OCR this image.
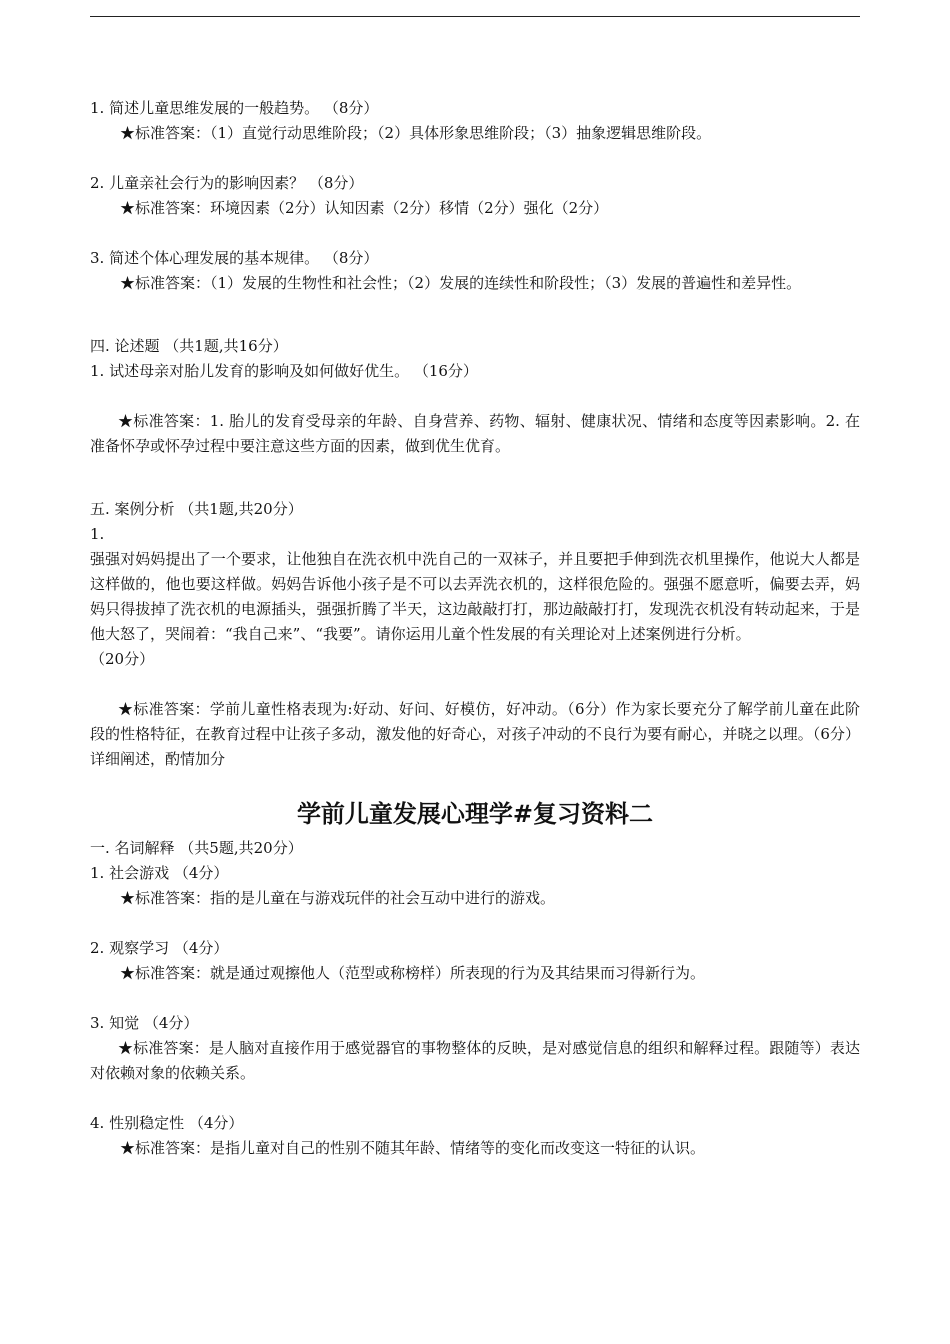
1. 简述儿童思维发展的一般趋势。 （8分）
★标准答案：（1）直觉行动思维阶段；（2）具体形象思维阶段；（3）抽象逻辑思维阶段。
2. 儿童亲社会行为的影响因素？ （8分）
★标准答案：环境因素（2分）认知因素（2分）移情（2分）强化（2分）
3. 简述个体心理发展的基本规律。 （8分）
★标准答案：（1）发展的生物性和社会性；（2）发展的连续性和阶段性；（3）发展的普遍性和差异性。
四. 论述题 （共1题,共16分）
1. 试述母亲对胎儿发育的影响及如何做好优生。 （16分）
★标准答案：1. 胎儿的发育受母亲的年龄、自身营养、药物、辐射、健康状况、情绪和态度等因素影响。2. 在准备怀孕或怀孕过程中要注意这些方面的因素，做到优生优育。
五. 案例分析 （共1题,共20分）
1.
强强对妈妈提出了一个要求，让他独自在洗衣机中洗自己的一双袜子，并且要把手伸到洗衣机里操作，他说大人都是这样做的，他也要这样做。妈妈告诉他小孩子是不可以去弄洗衣机的，这样很危险的。强强不愿意听，偏要去弄，妈妈只得拔掉了洗衣机的电源插头，强强折腾了半天，这边敲敲打打，那边敲敲打打，发现洗衣机没有转动起来，于是他大怒了，哭闹着：“我自己来”、“我要”。请你运用儿童个性发展的有关理论对上述案例进行分析。
（20分）
★标准答案：学前儿童性格表现为:好动、好问、好模仿，好冲动。（6分）作为家长要充分了解学前儿童在此阶段的性格特征，在教育过程中让孩子多动，激发他的好奇心，对孩子冲动的不良行为要有耐心，并晓之以理。（6分）详细阐述，酌情加分
学前儿童发展心理学#复习资料二
一. 名词解释 （共5题,共20分）
1. 社会游戏 （4分）
★标准答案：指的是儿童在与游戏玩伴的社会互动中进行的游戏。
2. 观察学习 （4分）
★标准答案：就是通过观擦他人（范型或称榜样）所表现的行为及其结果而习得新行为。
3. 知觉 （4分）
★标准答案：是人脑对直接作用于感觉器官的事物整体的反映，是对感觉信息的组织和解释过程。跟随等）表达对依赖对象的依赖关系。
4. 性别稳定性 （4分）
★标准答案：是指儿童对自己的性别不随其年龄、情绪等的变化而改变这一特征的认识。
